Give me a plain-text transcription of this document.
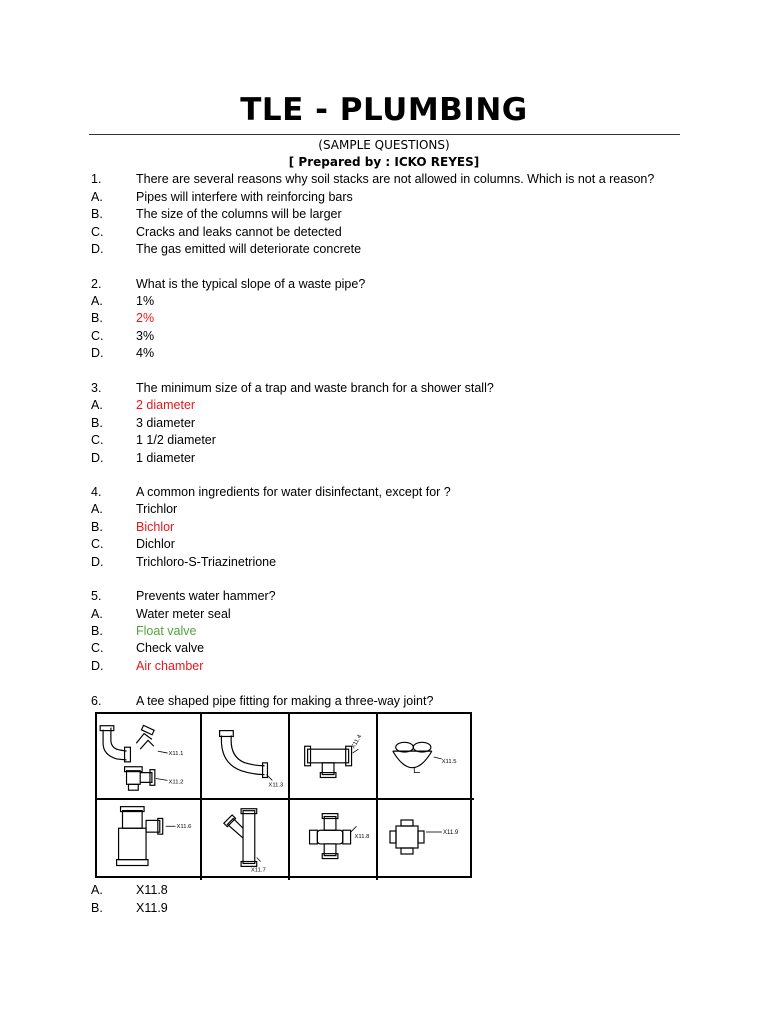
TLE - PLUMBING
(SAMPLE QUESTIONS)
[ Prepared by : ICKO REYES]
1.	There are several reasons why soil stacks are not allowed in columns. Which is not a reason?
A.	Pipes will interfere with reinforcing bars
B.	The size of the columns will be larger
C.	Cracks and leaks cannot be detected
D.	The gas emitted will deteriorate concrete
2.	What is the typical slope of a waste pipe?
A.	1%
B.	2%
C.	3%
D.	4%
3.	The minimum size of a trap and waste branch for a shower stall?
A.	2 diameter
B.	3 diameter
C.	1 1/2 diameter
D.	1 diameter
4.	A common ingredients for water disinfectant, except for ?
A.	Trichlor
B.	Bichlor
C.	Dichlor
D.	Trichloro-S-Triazinetrione
5.	Prevents water hammer?
A.	Water meter seal
B.	Float valve
C.	Check valve
D.	Air chamber
6.	A tee shaped pipe fitting for making a three-way joint?
X11.1
X11.2	X11.3
X11.4
X11.5
X11.6
X11.7
X11.8
X11.9
A.	X11.8
B.	X11.9
